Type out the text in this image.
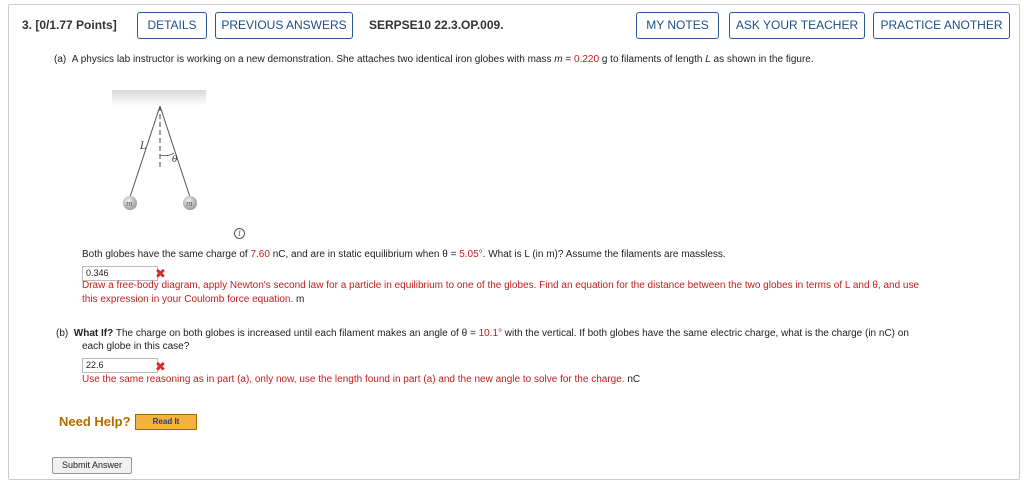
3. [0/1.77 Points]	DETAILS	PREVIOUS ANSWERS	SERPSE10 22.3.OP.009.	MY NOTES	ASK YOUR TEACHER	PRACTICE ANOTHER
(a) A physics lab instructor is working on a new demonstration. She attaches two identical iron globes with mass m = 0.220 g to filaments of length L as shown in the figure.
L
θ
m	m
i
Both globes have the same charge of 7.60 nC, and are in static equilibrium when θ = 5.05°. What is L (in m)? Assume the filaments are massless.
0.346	✖
Draw a free-body diagram, apply Newton's second law for a particle in equilibrium to one of the globes. Find an equation for the distance between the two globes in terms of L and θ, and use
this expression in your Coulomb force equation. m
(b) What If? The charge on both globes is increased until each filament makes an angle of θ = 10.1° with the vertical. If both globes have the same electric charge, what is the charge (in nC) on
each globe in this case?
22.6	✖
Use the same reasoning as in part (a), only now, use the length found in part (a) and the new angle to solve for the charge. nC
Need Help?	Read It
Submit Answer
